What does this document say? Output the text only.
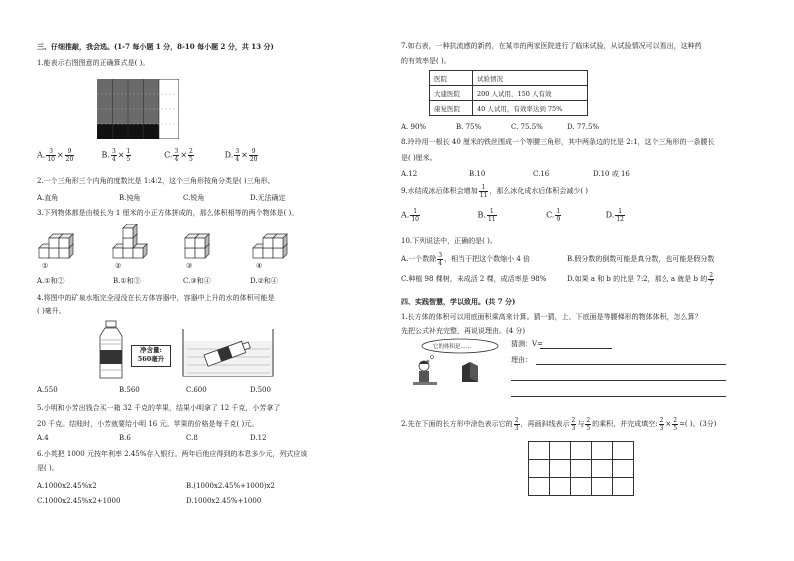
三、仔细推敲，我会选。(1-7 每小题 1 分，8-10 每小题 2 分，共 13 分)
1.能表示右图图意的正确算式是( )。
A. $\frac{3}{10} \times \frac{9}{20}$	B. $\frac{3}{4} \times \frac{1}{5}$	C. $\frac{3}{4} \times \frac{2}{5}$	D. $\frac{3}{4} \times \frac{9}{20}$
2.一个三角形三个内角的度数比是 1:4:2，这个三角形按角分类是( )三角形。
A.直角	B.钝角	C.锐角	D.无法确定
3.下列物体都是由棱长为 1 厘米的小正方体拼成的，那么体积相等的两个物体是( )。
①	②	③	④
A.①和②	B.①和③	C.③和④	D.②和④
4.将图中的矿泉水瓶完全浸没在长方体容器中，容器中上升的水的体积可能是
( )毫升。
净含量:
560毫升
A.550	B.560	C.600	D.500
5.小明和小芳出钱合买一箱 32 千克的苹果，结果小明拿了 12 千克，小芳拿了
20 千克。结账时，小芳就要给小明 16 元。苹果的价格是每千克( )元。
A.4	B.6	C.8	D.12
6.小英把 1000 元按年利率 2.45%存入银行。两年后他应得到的本息多少元，列式应该
是( )。
A.1000x2.45%x2	B.(1000x2.45%+1000)x2
C.1000x2.45%x2+1000	D.1000x2.45%+1000
7.如右表，一种抗流感的新药，在某市的两家医院进行了临床试验，从试验情况可以看出，这种药
的有效率是( )。
医院	试验情况
大建医院	200 人试用，150 人有效
康复医院	40 人试用，有效率达到 75%
A. 90%	B. 75%	C. 75.5%	D. 77.5%
8.玲玲用一根长 40 厘米的铁丝围成一个等腰三角形，其中两条边的比是 2:1，这个三角形的一条腰长
是( )厘米。
A.12	B.10	C.16	D.10 或 16
9.水结成冰后体积会增加 $\frac{1}{11}$ ，那么冰化成水后体积会减少( )
A. $\frac{1}{10}$	B. $\frac{1}{11}$	C. $\frac{1}{9}$	D. $\frac{1}{12}$
10.下列说法中，正确的是( )。
A.一个数除 $\frac{3}{4}$ ，相当于把这个数缩小 4 倍	B.假分数的倒数可能是真分数，也可能是假分数
C.种植 98 棵树，未成活 2 棵，成活率是 98%	D.如果 a 和 b 的比是 7:2，那么 a 就是 b 的 $\frac{2}{7}$
四、实践智慧，学以致用。(共 7 分)
1.长方体的体积可以用底面积乘高来计算。猜一猜，上、下底面是等腰梯形的物体体积，怎么算？
先把公式补充完整，再说说理由。(4 分)
它的体积是......	猜测：V=
理由：
2.先在下面的长方形中涂色表示它的 $\frac{2}{3}$ ，再画斜线表示 $\frac{2}{3}$ 与 $\frac{2}{5}$ 的乘积，并完成填空: $\frac{2}{3} \times \frac{2}{5}$ =( )。(3分)
